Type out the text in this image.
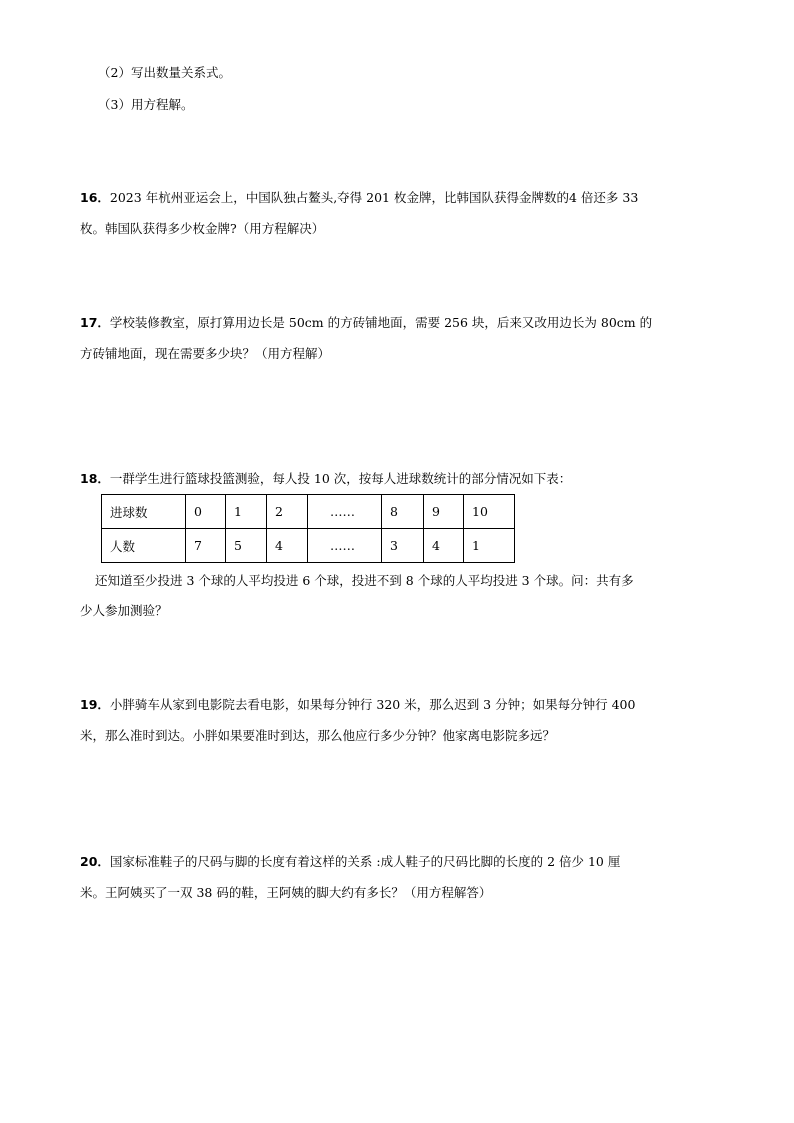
（2）写出数量关系式。
（3）用方程解。
16．2023 年杭州亚运会上，中国队独占鳌头,夺得 201 枚金牌，比韩国队获得金牌数的4 倍还多 33
枚。韩国队获得多少枚金牌?（用方程解决）
17．学校装修教室，原打算用边长是 50cm 的方砖铺地面，需要 256 块，后来又改用边长为 80cm 的
方砖铺地面，现在需要多少块？（用方程解）
18．一群学生进行篮球投篮测验，每人投 10 次，按每人进球数统计的部分情况如下表：
进球数	0	1	2	……	8	9	10
人数	7	5	4	……	3	4	1
还知道至少投进 3 个球的人平均投进 6 个球，投进不到 8 个球的人平均投进 3 个球。问：共有多
少人参加测验？
19．小胖骑车从家到电影院去看电影，如果每分钟行 320 米，那么迟到 3 分钟；如果每分钟行 400
米，那么准时到达。小胖如果要准时到达，那么他应行多少分钟？他家离电影院多远？
20．国家标准鞋子的尺码与脚的长度有着这样的关系 :成人鞋子的尺码比脚的长度的 2 倍少 10 厘
米。王阿姨买了一双 38 码的鞋，王阿姨的脚大约有多长？（用方程解答）
